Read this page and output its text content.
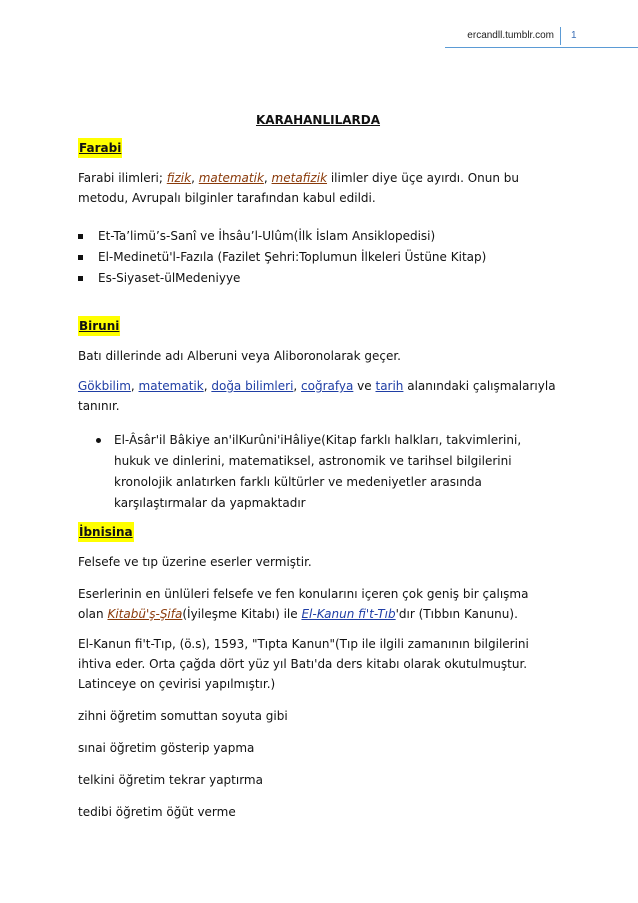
ercandll.tumblr.com 1
KARAHANLILARDA
Farabi
Farabi ilimleri; fizik, matematik, metafizik ilimler diye üçe ayırdı. Onun bu
metodu, Avrupalı bilginler tarafından kabul edildi.
Et-Ta’limü’s-Sanî ve İhsâu’l-Ulûm(İlk İslam Ansiklopedisi)
El-Medinetü'l-Fazıla (Fazilet Şehri:Toplumun İlkeleri Üstüne Kitap)
Es-Siyaset-ülMedeniyye
Biruni
Batı dillerinde adı Alberuni veya Aliboronolarak geçer.
Gökbilim, matematik, doğa bilimleri, coğrafya ve tarih alanındaki çalışmalarıyla
tanınır.
El-Âsâr'il Bâkiye an'ilKurûni'iHâliye(Kitap farklı halkları, takvimlerini,
hukuk ve dinlerini, matematiksel, astronomik ve tarihsel bilgilerini
kronolojik anlatırken farklı kültürler ve medeniyetler arasında
karşılaştırmalar da yapmaktadır
İbnisina
Felsefe ve tıp üzerine eserler vermiştir.
Eserlerinin en ünlüleri felsefe ve fen konularını içeren çok geniş bir çalışma
olan Kitabü'ş-Şifa(İyileşme Kitabı) ile El-Kanun fi't-Tıb'dır (Tıbbın Kanunu).
El-Kanun fi't-Tıp, (ö.s), 1593, "Tıpta Kanun"(Tıp ile ilgili zamanının bilgilerini
ihtiva eder. Orta çağda dört yüz yıl Batı'da ders kitabı olarak okutulmuştur.
Latinceye on çevirisi yapılmıştır.)
zihni öğretim somuttan soyuta gibi
sınai öğretim gösterip yapma
telkini öğretim tekrar yaptırma
tedibi öğretim öğüt verme
